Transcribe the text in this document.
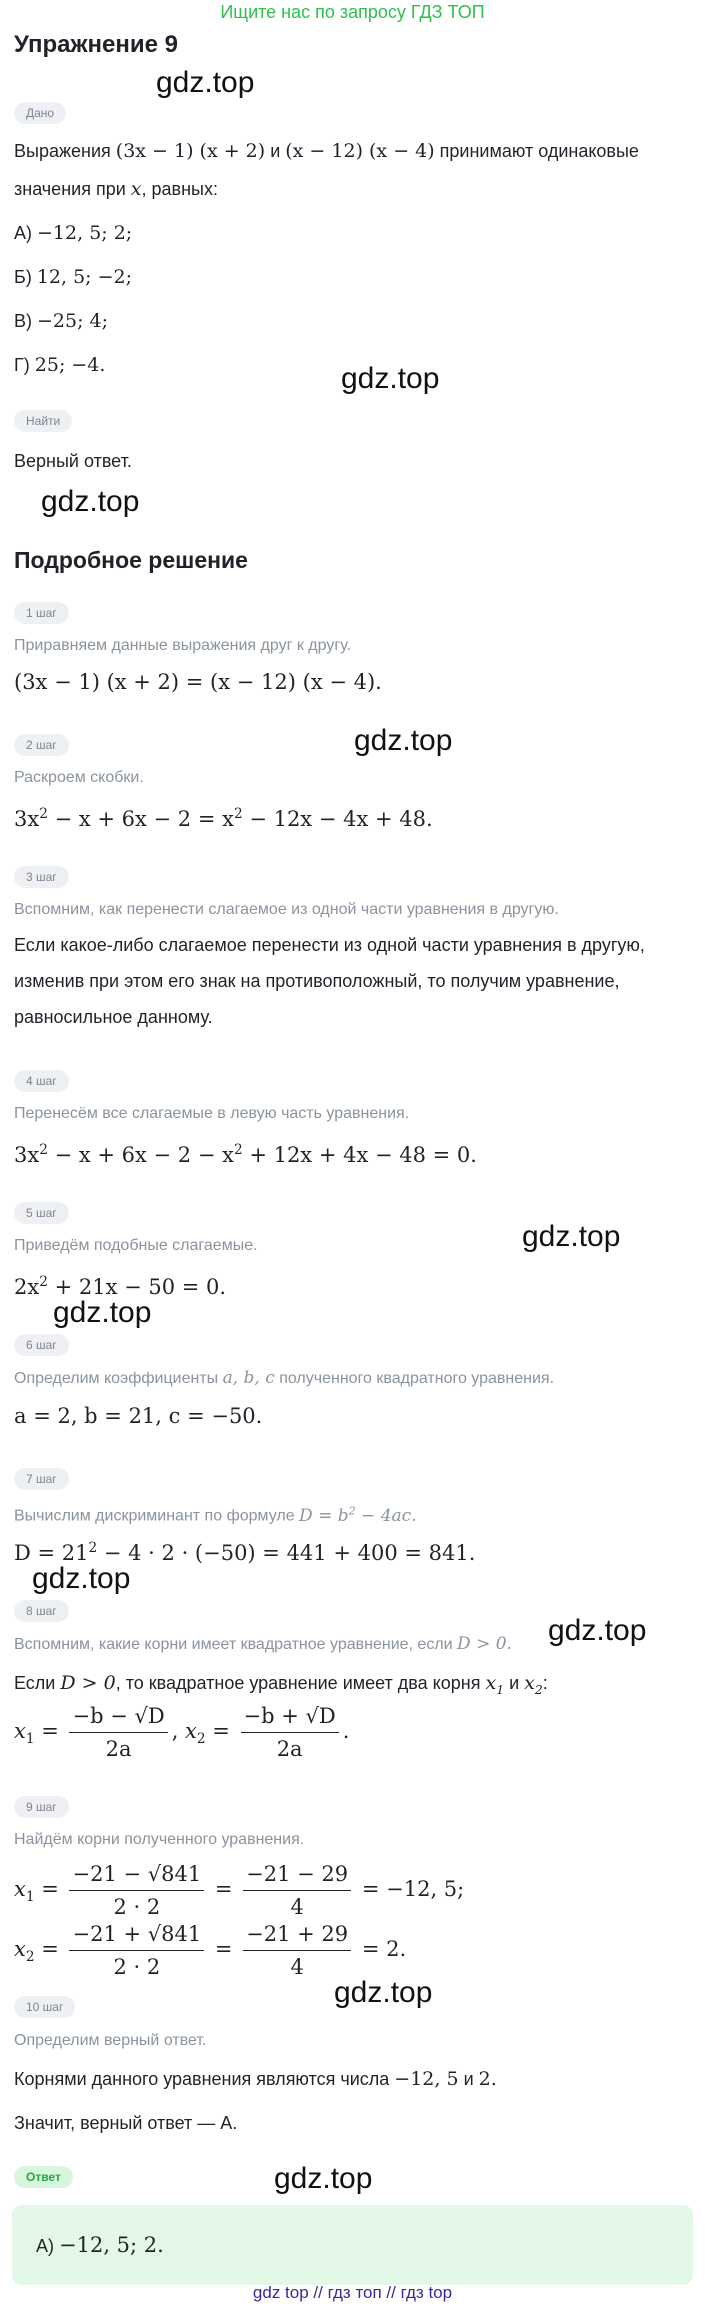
Ищите нас по запросу ГДЗ ТОП
Упражнение 9
gdz.top
Дано
Выражения (3x − 1) (x + 2) и (x − 12) (x − 4) принимают одинаковые
значения при x, равных:
А) −12, 5; 2;
Б) 12, 5; −2;
В) −25; 4;
Г) 25; −4.	gdz.top
Найти
Верный ответ.
gdz.top
Подробное решение
1 шаг
Приравняем данные выражения друг к другу.
(3x − 1) (x + 2) = (x − 12) (x − 4).
gdz.top
2 шаг
Раскроем скобки.
$3x^2 - x + 6x - 2 = x^2 - 12x - 4x + 48$.
3 шаг
Вспомним, как перенести слагаемое из одной части уравнения в другую.
Если какое-либо слагаемое перенести из одной части уравнения в другую,
изменив при этом его знак на противоположный, то получим уравнение,
равносильное данному.
4 шаг
Перенесём все слагаемые в левую часть уравнения.
$3x^2 - x + 6x - 2 - x^2 + 12x + 4x - 48 = 0$.
5 шаг
gdz.top
Приведём подобные слагаемые.
$2x^2 + 21x - 50 = 0$.
gdz.top
6 шаг
Определим коэффициенты a, b, c полученного квадратного уравнения.
a = 2, b = 21, c = −50.
7 шаг
Вычислим дискриминант по формуле $D = b^2 - 4ac$.
$D = 21^2 - 4 \cdot 2 \cdot (-50) = 441 + 400 = 841$.
gdz.top
8 шаг
gdz.top
Вспомним, какие корни имеет квадратное уравнение, если D > 0.
Если D > 0, то квадратное уравнение имеет два корня $x_1$ и $x_2$:
$x_1 = \frac{-b - √D}{2a}$ , $x_2 = \frac{-b + √D}{2a}$ .
9 шаг
Найдём корни полученного уравнения.
$x_1 = \frac{-21 - √841}{2 \cdot 2} = \frac{-21 - 29}{4} = -12$, 5;
$x_2 = \frac{-21 + √841}{2 \cdot 2} = \frac{-21 + 29}{4} = 2$.
gdz.top
10 шаг
Определим верный ответ.
Корнями данного уравнения являются числа −12, 5 и 2.
Значит, верный ответ — А.
Ответ	gdz.top
А) −12, 5; 2.
gdz top // гдз топ // гдз top
